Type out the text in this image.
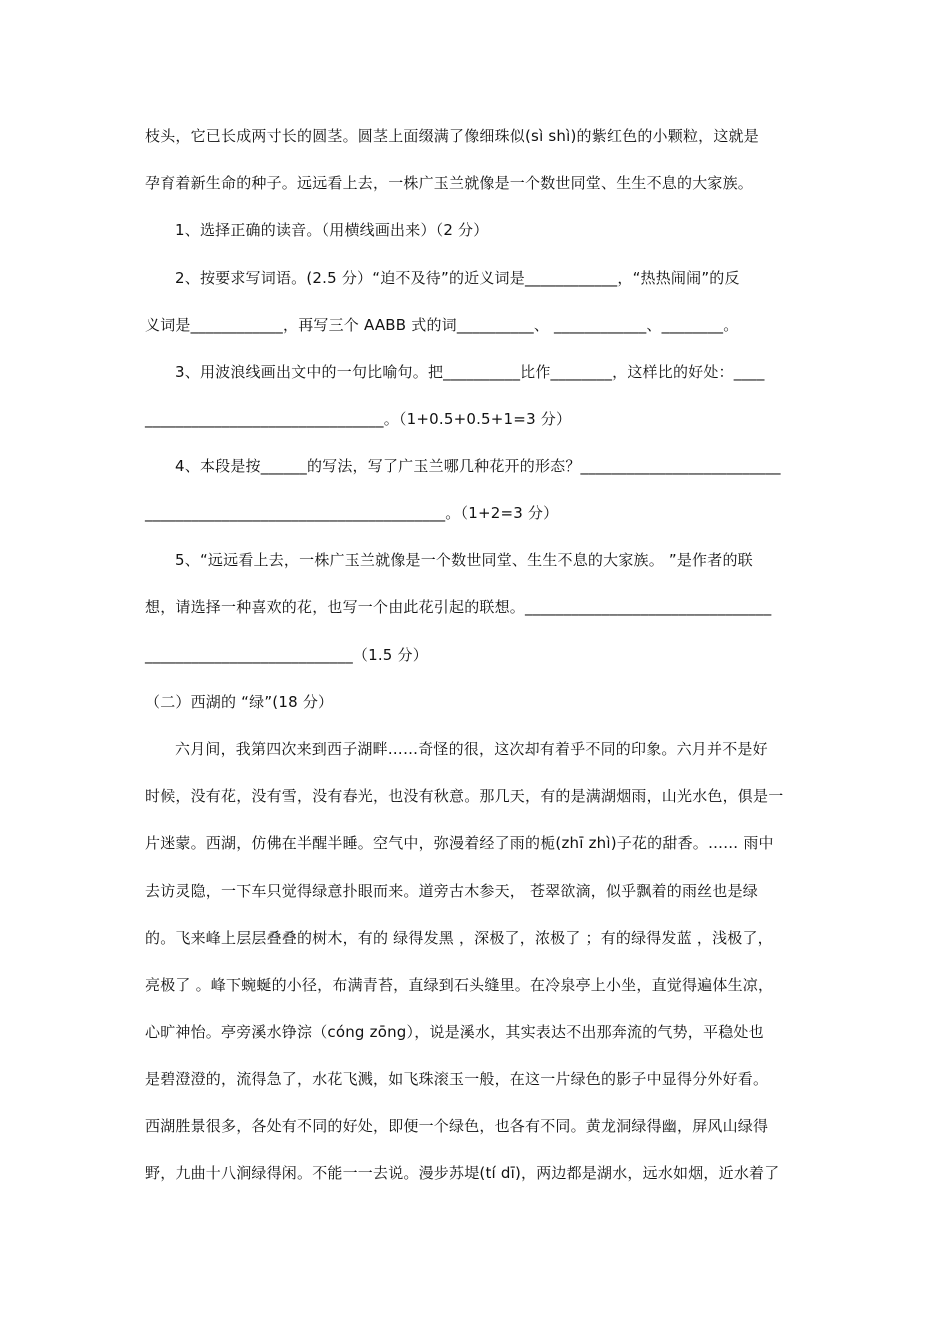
枝头，它已长成两寸长的圆茎。圆茎上面缀满了像细珠似(sì shì)的紫红色的小颗粒，这就是
孕育着新生命的种子。远远看上去，一株广玉兰就像是一个数世同堂、生生不息的大家族。
1、选择正确的读音。（用横线画出来）（2 分）
2、按要求写词语。(2.5 分）“迫不及待”的近义词是____________，“热热闹闹”的反
义词是____________，再写三个 AABB 式的词__________、 ____________、________。
3、用波浪线画出文中的一句比喻句。把__________比作________，这样比的好处：____
_______________________________。（1+0.5+0.5+1=3 分）
4、本段是按______的写法，写了广玉兰哪几种花开的形态？__________________________
_______________________________________。（1+2=3 分）
5、“远远看上去，一株广玉兰就像是一个数世同堂、生生不息的大家族。 ”是作者的联
想，请选择一种喜欢的花，也写一个由此花引起的联想。________________________________
___________________________（1.5 分）
（二）西湖的 “绿”(18 分）
六月间，我第四次来到西子湖畔……奇怪的很，这次却有着乎不同的印象。六月并不是好
时候，没有花，没有雪，没有春光，也没有秋意。那几天，有的是满湖烟雨，山光水色，俱是一
片迷蒙。西湖，仿佛在半醒半睡。空气中，弥漫着经了雨的栀(zhī zhì)子花的甜香。…… 雨中
去访灵隐，一下车只觉得绿意扑眼而来。道旁古木参天， 苍翠欲滴，似乎飘着的雨丝也是绿
的。飞来峰上层层叠叠的树木，有的 绿得发黑 ，深极了，浓极了 ；有的绿得发蓝 ，浅极了，
亮极了 。峰下蜿蜒的小径，布满青苔，直绿到石头缝里。在冷泉亭上小坐，直觉得遍体生凉，
心旷神怡。亭旁溪水铮淙（cóng zōng），说是溪水，其实表达不出那奔流的气势，平稳处也
是碧澄澄的，流得急了，水花飞溅，如飞珠滚玉一般，在这一片绿色的影子中显得分外好看。
西湖胜景很多，各处有不同的好处，即便一个绿色，也各有不同。黄龙洞绿得幽，屏风山绿得
野，九曲十八涧绿得闲。不能一一去说。漫步苏堤(tí dī)，两边都是湖水，远水如烟，近水着了
